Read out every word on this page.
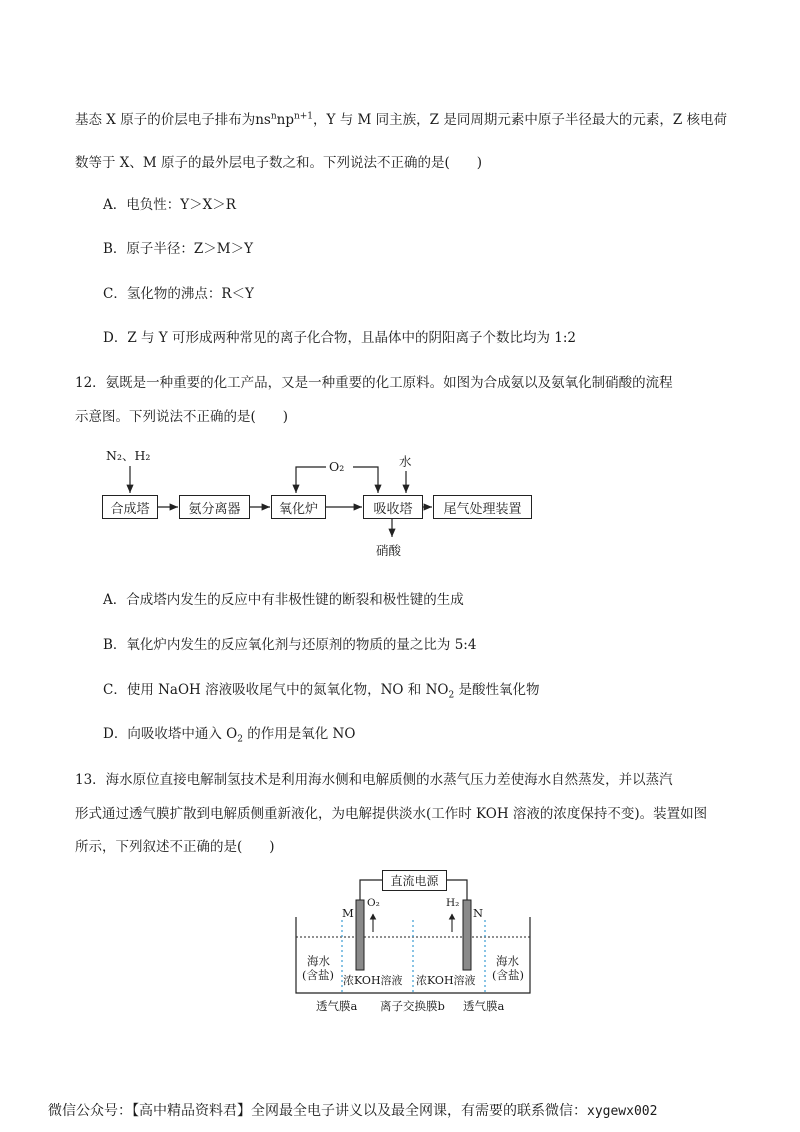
基态 X 原子的价层电子排布为$ns^nnp^{n+1}$，Y 与 M 同主族，Z 是同周期元素中原子半径最大的元素，Z 核电荷
数等于 X、M 原子的最外层电子数之和。下列说法不正确的是(　　)
A．电负性：Y＞X＞R
B．原子半径：Z＞M＞Y
C．氢化物的沸点：R＜Y
D．Z 与 Y 可形成两种常见的离子化合物，且晶体中的阴阳离子个数比均为 1:2
12．氨既是一种重要的化工产品，又是一种重要的化工原料。如图为合成氨以及氨氧化制硝酸的流程
示意图。下列说法不正确的是(　　)
N₂、H₂
O₂	水
硝酸
合成塔	氨分离器	氧化炉	吸收塔	尾气处理装置
A．合成塔内发生的反应中有非极性键的断裂和极性键的生成
B．氧化炉内发生的反应氧化剂与还原剂的物质的量之比为 5:4
C．使用 NaOH 溶液吸收尾气中的氮氧化物，NO 和 $NO_2$ 是酸性氧化物
D．向吸收塔中通入 $O_2$ 的作用是氧化 NO
13．海水原位直接电解制氢技术是利用海水侧和电解质侧的水蒸气压力差使海水自然蒸发，并以蒸汽
形式通过透气膜扩散到电解质侧重新液化，为电解提供淡水(工作时 KOH 溶液的浓度保持不变)。装置如图
所示，下列叙述不正确的是(　　)
直流电源
M	N
O₂	H₂
海水
(含盐)
海水
(含盐)
浓KOH溶液 浓KOH溶液
透气膜a 离子交换膜b 透气膜a
微信公众号：【高中精品资料君】全网最全电子讲义以及最全网课，有需要的联系微信：xygewx002
